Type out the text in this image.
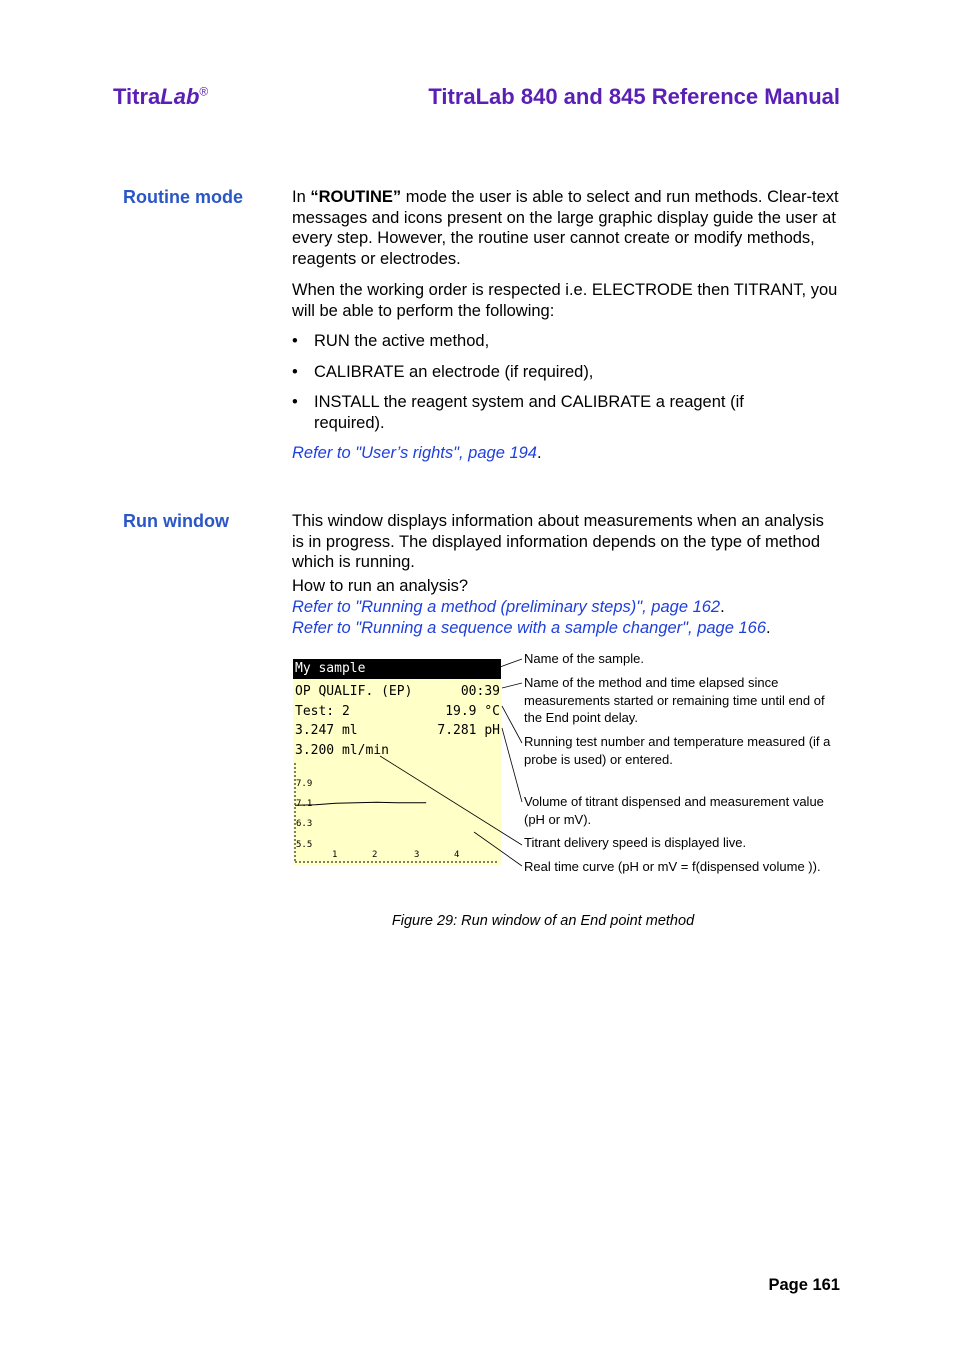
TitraLab®	TitraLab 840 and 845 Reference Manual
Routine mode	In “ROUTINE” mode the user is able to select and run methods. Clear-text messages and icons present on the large graphic display guide the user at every step. However, the routine user cannot create or modify methods, reagents or electrodes.
When the working order is respected i.e. ELECTRODE then TITRANT, you will be able to perform the following:
• RUN the active method,
• CALIBRATE an electrode (if required),
• INSTALL the reagent system and CALIBRATE a reagent (if required).
Refer to "User’s rights", page 194.
Run window	This window displays information about measurements when an analysis is in progress. The displayed information depends on the type of method which is running.
How to run an analysis?
Refer to "Running a method (preliminary steps)", page 162.
Refer to "Running a sequence with a sample changer", page 166.
My sample
OP QUALIF. (EP)	00:39
Test: 2	19.9 °C
3.247 ml	7.281 pH
3.200 ml/min
7.9
7.1
6.3
5.5
1	2	3	4
Name of the sample.
Name of the method and time elapsed since measurements started or remaining time until end of the End point delay.
Running test number and temperature measured (if a probe is used) or entered.
Volume of titrant dispensed and measurement value (pH or mV).
Titrant delivery speed is displayed live.
Real time curve (pH or mV = f(dispensed volume )).
Figure 29: Run window of an End point method
Page 161
